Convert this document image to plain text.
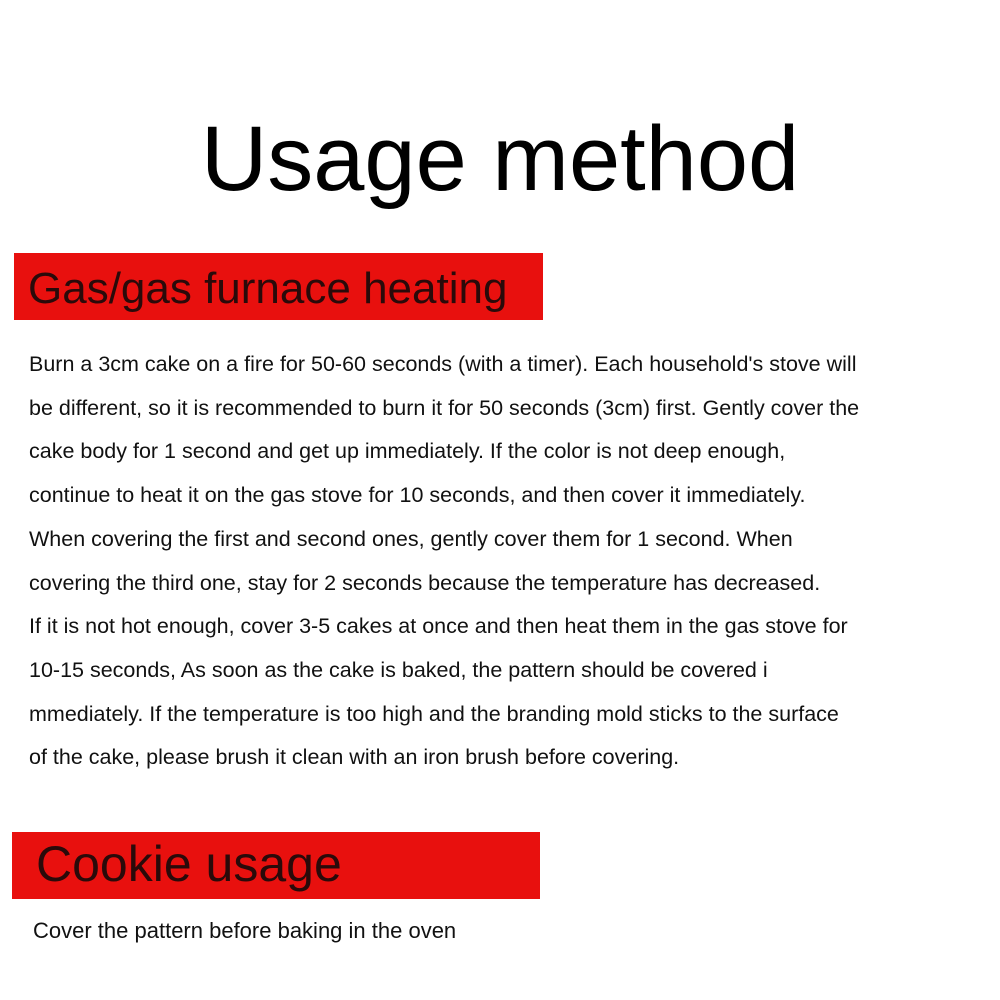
Usage method
Gas/gas furnace heating
Burn a 3cm cake on a fire for 50-60 seconds (with a timer). Each household's stove will
be different, so it is recommended to burn it for 50 seconds (3cm) first. Gently cover the
cake body for 1 second and get up immediately. If the color is not deep enough,
continue to heat it on the gas stove for 10 seconds, and then cover it immediately.
When covering the first and second ones, gently cover them for 1 second. When
covering the third one, stay for 2 seconds because the temperature has decreased.
If it is not hot enough, cover 3-5 cakes at once and then heat them in the gas stove for
10-15 seconds, As soon as the cake is baked, the pattern should be covered i
mmediately. If the temperature is too high and the branding mold sticks to the surface
of the cake, please brush it clean with an iron brush before covering.
Cookie usage

Cover the pattern before baking in the oven
